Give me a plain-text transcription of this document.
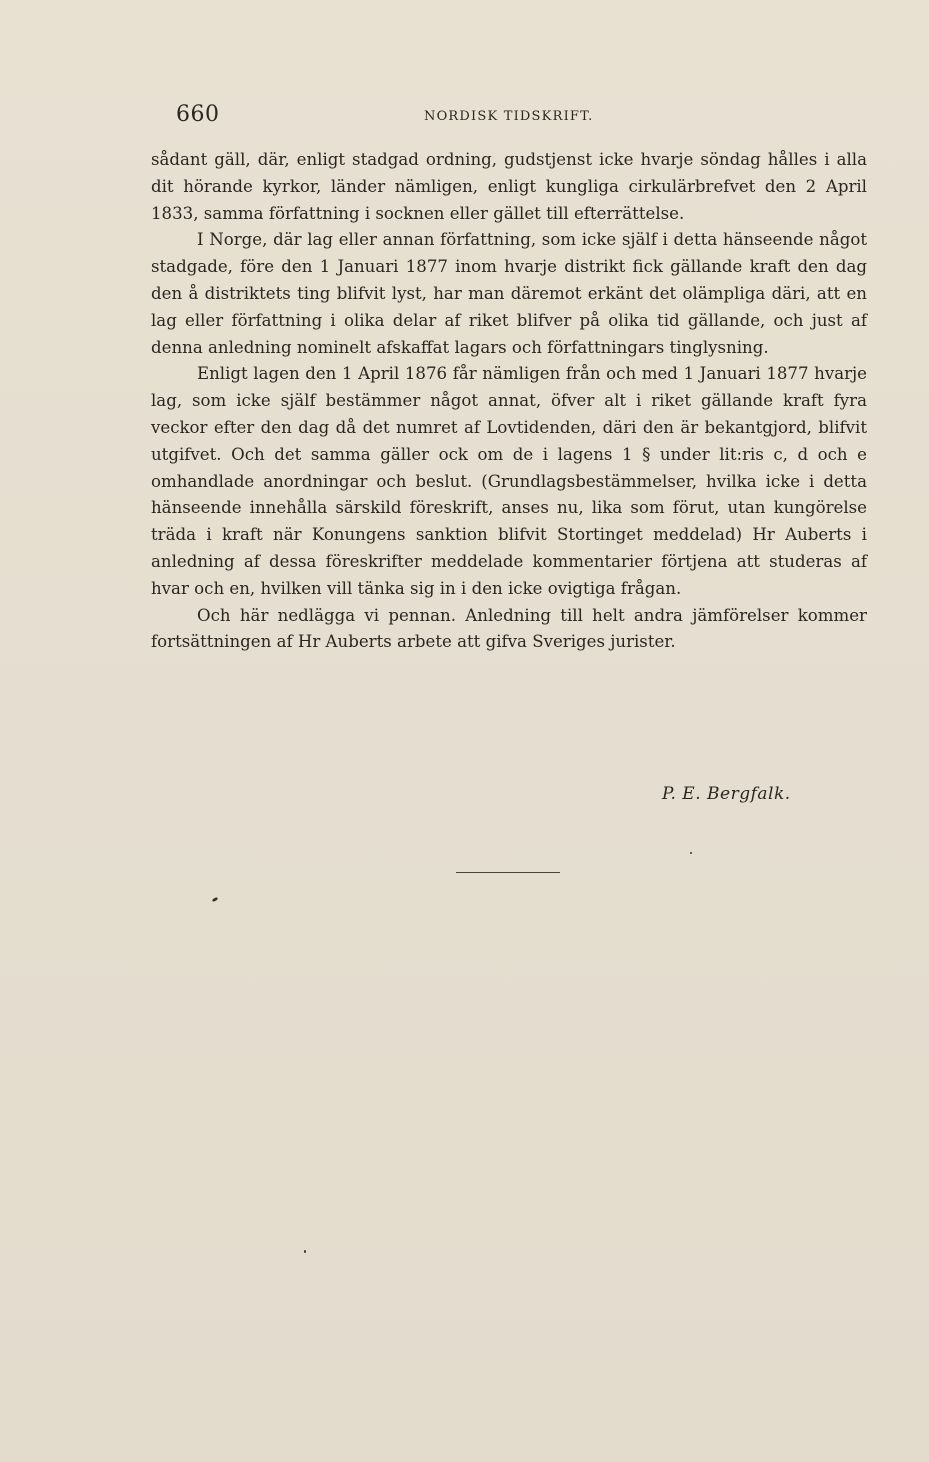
660	NORDISK TIDSKRIFT.

sådant gäll, där, enligt stadgad ordning, gudstjenst icke hvarje söndag hålles i alla dit hörande kyrkor, länder nämligen, enligt kungliga cirkulärbrefvet den 2 April 1833, samma författning i socknen eller gället till efterrättelse.

I Norge, där lag eller annan författning, som icke själf i detta hänseende något stadgade, före den 1 Januari 1877 inom hvarje distrikt fick gällande kraft den dag den å distriktets ting blifvit lyst, har man däremot erkänt det olämpliga däri, att en lag eller författning i olika delar af riket blifver på olika tid gällande, och just af denna anledning nominelt afskaffat lagars och författningars tinglysning.

Enligt lagen den 1 April 1876 får nämligen från och med 1 Januari 1877 hvarje lag, som icke själf bestämmer något annat, öfver alt i riket gällande kraft fyra veckor efter den dag då det numret af Lovtidenden, däri den är bekantgjord, blifvit utgifvet. Och det samma gäller ock om de i lagens 1 § under lit:ris c, d och e omhandlade anordningar och beslut. (Grundlagsbestämmelser, hvilka icke i detta hänseende innehålla särskild föreskrift, anses nu, lika som förut, utan kungörelse träda i kraft när Konungens sanktion blifvit Stortinget meddelad) Hr Auberts i anledning af dessa föreskrifter meddelade kommentarier förtjena att studeras af hvar och en, hvilken vill tänka sig in i den icke ovigtiga frågan.

Och här nedlägga vi pennan. Anledning till helt andra jämförelser kommer fortsättningen af Hr Auberts arbete att gifva Sveriges jurister.

P. E. Bergfalk.
